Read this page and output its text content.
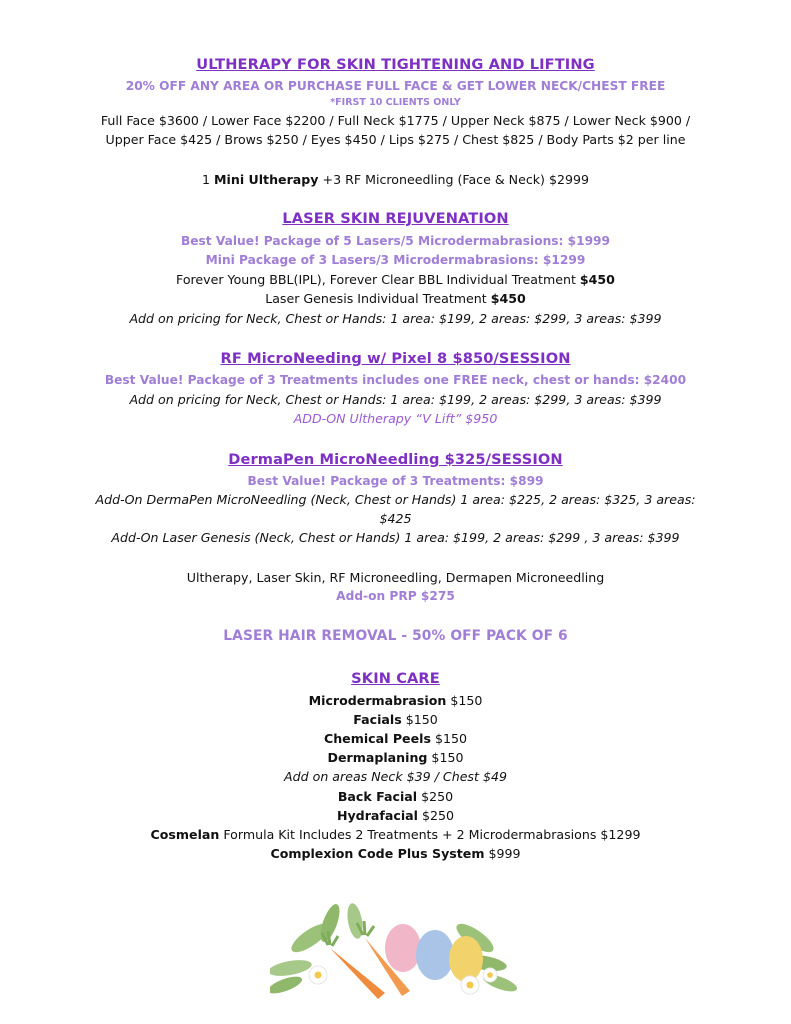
ULTHERAPY FOR SKIN TIGHTENING AND LIFTING
20% OFF ANY AREA OR PURCHASE FULL FACE & GET LOWER NECK/CHEST FREE
*FIRST 10 CLIENTS ONLY
Full Face $3600 / Lower Face $2200 / Full Neck $1775 / Upper Neck $875 / Lower Neck $900 /
Upper Face $425 / Brows $250 / Eyes $450 / Lips $275 / Chest $825 / Body Parts $2 per line
1 Mini Ultherapy +3 RF Microneedling (Face & Neck) $2999
LASER SKIN REJUVENATION
Best Value! Package of 5 Lasers/5 Microdermabrasions: $1999
Mini Package of 3 Lasers/3 Microdermabrasions: $1299
Forever Young BBL(IPL), Forever Clear BBL Individual Treatment $450
Laser Genesis Individual Treatment $450
Add on pricing for Neck, Chest or Hands: 1 area: $199, 2 areas: $299, 3 areas: $399
RF MicroNeeding w/ Pixel 8 $850/SESSION
Best Value! Package of 3 Treatments includes one FREE neck, chest or hands: $2400
Add on pricing for Neck, Chest or Hands: 1 area: $199, 2 areas: $299, 3 areas: $399
ADD-ON Ultherapy “V Lift” $950
DermaPen MicroNeedling $325/SESSION
Best Value! Package of 3 Treatments: $899
Add-On DermaPen MicroNeedling (Neck, Chest or Hands) 1 area: $225, 2 areas: $325, 3 areas:
$425
Add-On Laser Genesis (Neck, Chest or Hands) 1 area: $199, 2 areas: $299 , 3 areas: $399
Ultherapy, Laser Skin, RF Microneedling, Dermapen Microneedling
Add-on PRP $275
LASER HAIR REMOVAL - 50% OFF PACK OF 6
SKIN CARE
Microdermabrasion $150
Facials $150
Chemical Peels $150
Dermaplaning $150
Add on areas Neck $39 / Chest $49
Back Facial $250
Hydrafacial $250
Cosmelan Formula Kit Includes 2 Treatments + 2 Microdermabrasions $1299
Complexion Code Plus System $999
